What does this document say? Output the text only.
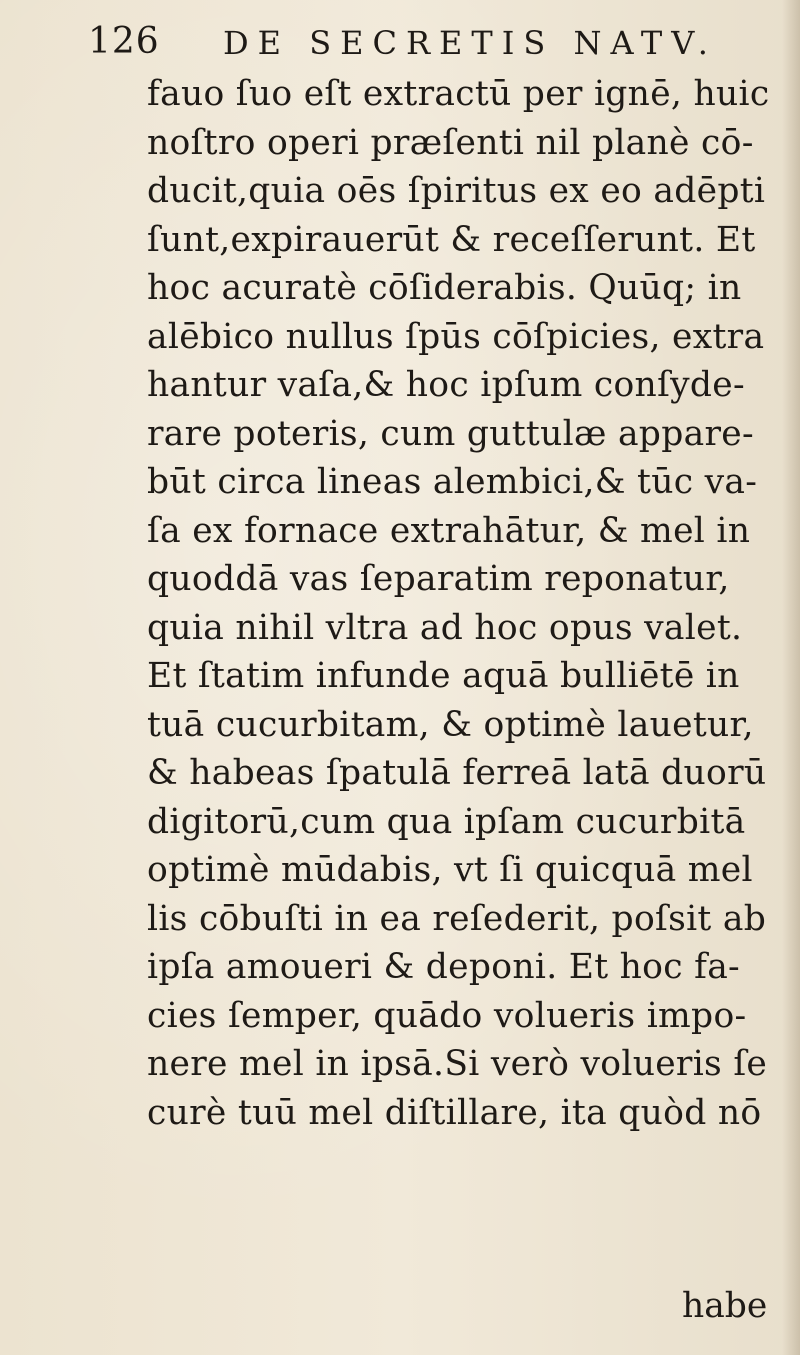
126 DE SECRETIS NATV.
fauo ſuo eſt extractū per ignē, huic
noſtro operi præſenti nil planè cō-
ducit,quia oēs ſpiritus ex eo adēpti
ſunt,expirauerūt & receſſerunt. Et
hoc acuratè cōſiderabis. Quūq; in
alēbico nullus ſpūs cōſpicies, extra
hantur vaſa,& hoc ipſum conſyde-
rare poteris, cum guttulæ appare-
būt circa lineas alembici,& tūc va-
ſa ex fornace extrahātur, & mel in
quoddā vas ſeparatim reponatur,
quia nihil vltra ad hoc opus valet.
Et ſtatim infunde aquā bulliētē in
tuā cucurbitam, & optimè lauetur,
& habeas ſpatulā ferreā latā duorū
digitorū,cum qua ipſam cucurbitā
optimè mūdabis, vt ſi quicquā mel
lis cōbuſti in ea reſederit, poſsit ab
ipſa amoueri & deponi. Et hoc fa-
cies ſemper, quādo volueris impo-
nere mel in ipsā.Si verò volueris ſe
curè tuū mel diſtillare, ita quòd nō
habe
